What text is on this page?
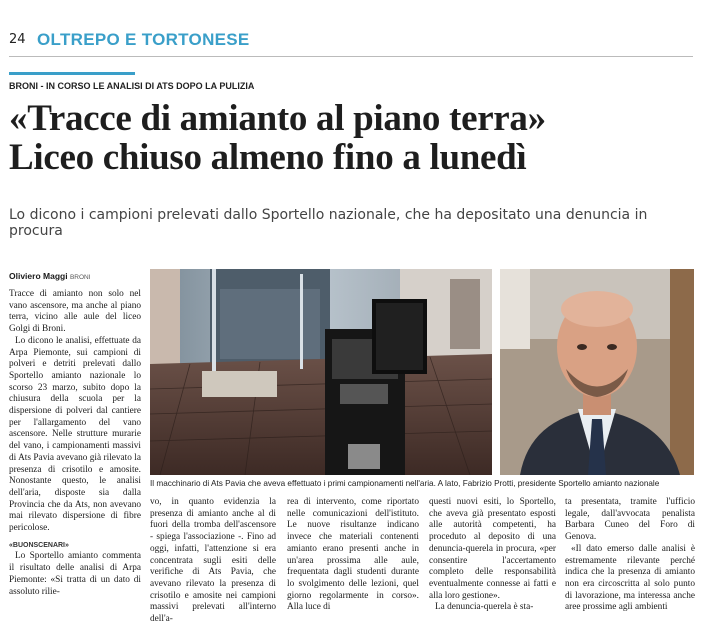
24 OLTREPO E TORTONESE
BRONI - IN CORSO LE ANALISI DI ATS DOPO LA PULIZIA
«Tracce di amianto al piano terra»
Liceo chiuso almeno fino a lunedì
Lo dicono i campioni prelevati dallo Sportello nazionale, che ha depositato una denuncia in procura
Oliviero Maggi BRONI

Tracce di amianto non solo nel vano ascensore, ma anche al piano terra, vicino alle aule del liceo Golgi di Broni.

Lo dicono le analisi, effettuate da Arpa Piemonte, sui campioni di polveri e detriti prelevati dallo Sportello amianto nazionale lo scorso 23 marzo, subito dopo la chiusura della scuola per la dispersione di polveri dal cantiere per l'allargamento del vano ascensore. Nelle strutture murarie del vano, i campionamenti massivi di Ats Pavia avevano già rilevato la presenza di crisotilo e amosite. Nonostante questo, le analisi dell'aria, disposte sia dalla Provincia che da Ats, non avevano mai rilevato dispersione di fibre pericolose.

«BUONSCENARI»

Lo Sportello amianto commenta il risultato delle analisi di Arpa Piemonte: «Si tratta di un dato di assoluto rilie-

Il macchinario di Ats Pavia che aveva effettuato i primi campionamenti nell'aria. A lato, Fabrizio Protti, presidente Sportello amianto nazionale

vo, in quanto evidenzia la presenza di amianto anche al di fuori della tromba dell'ascensore - spiega l'associazione -. Fino ad oggi, infatti, l'attenzione si era concentrata sugli esiti delle verifiche di Ats Pavia, che avevano rilevato la presenza di crisotilo e amosite nei campioni massivi prelevati all'interno dell'a-

rea di intervento, come riportato nelle comunicazioni dell'istituto. Le nuove risultanze indicano invece che materiali contenenti amianto erano presenti anche in un'area prossima alle aule, frequentata dagli studenti durante lo svolgimento delle lezioni, quel giorno regolarmente in corso». Alla luce di

questi nuovi esiti, lo Sportello, che aveva già presentato esposti alle autorità competenti, ha proceduto al deposito di una denuncia-querela in procura, «per consentire l'accertamento completo delle responsabilità eventualmente connesse ai fatti e alla loro gestione».

La denuncia-querela è sta-

ta presentata, tramite l'ufficio legale, dall'avvocata penalista Barbara Cuneo del Foro di Genova.

«Il dato emerso dalle analisi è estremamente rilevante perché indica che la presenza di amianto non era circoscritta al solo punto di lavorazione, ma interessa anche aree prossime agli ambienti
